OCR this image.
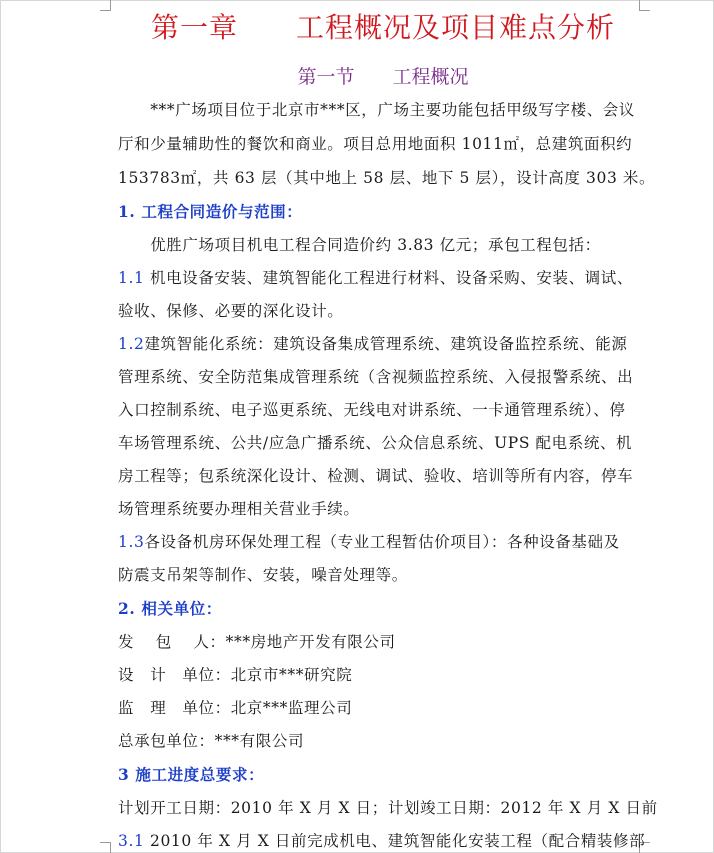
第一章　　工程概况及项目难点分析
第一节　　工程概况
　　***广场项目位于北京市***区，广场主要功能包括甲级写字楼、会议
厅和少量辅助性的餐饮和商业。项目总用地面积 1011㎡，总建筑面积约
153783㎡，共 63 层（其中地上 58 层、地下 5 层），设计高度 303 米。
1. 工程合同造价与范围：
　　优胜广场项目机电工程合同造价约 3.83 亿元；承包工程包括：
1.1 机电设备安装、建筑智能化工程进行材料、设备采购、安装、调试、
验收、保修、必要的深化设计。
1.2建筑智能化系统：建筑设备集成管理系统、建筑设备监控系统、能源
管理系统、安全防范集成管理系统（含视频监控系统、入侵报警系统、出
入口控制系统、电子巡更系统、无线电对讲系统、一卡通管理系统）、停
车场管理系统、公共/应急广播系统、公众信息系统、UPS 配电系统、机
房工程等；包系统深化设计、检测、调试、验收、培训等所有内容，停车
场管理系统要办理相关营业手续。
1.3各设备机房环保处理工程（专业工程暂估价项目）：各种设备基础及
防震支吊架等制作、安装，噪音处理等。
2. 相关单位：
发　 包　 人：***房地产开发有限公司
设　计　单位：北京市***研究院
监　理　单位：北京***监理公司
总承包单位：***有限公司
3 施工进度总要求：
计划开工日期：2010 年 X 月 X 日；计划竣工日期：2012 年 X 月 X 日前
3.1 2010 年 X 月 X 日前完成机电、建筑智能化安装工程（配合精装修部
